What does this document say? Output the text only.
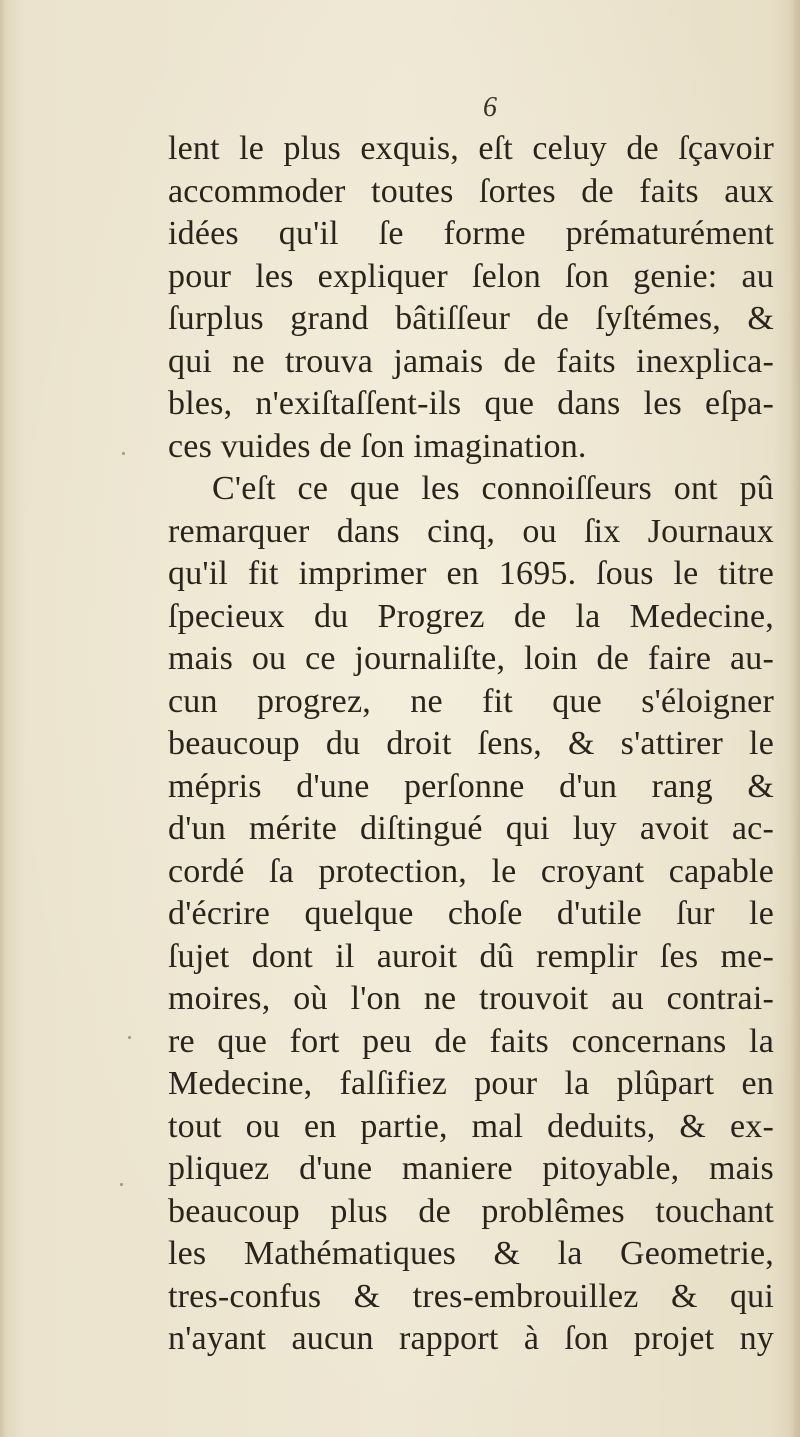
6
lent le plus exquis, eſt celuy de ſçavoir
accommoder toutes ſortes de faits aux
idées qu'il ſe forme prématurément
pour les expliquer ſelon ſon genie: au
ſurplus grand bâtiſſeur de ſyſtémes, &
qui ne trouva jamais de faits inexplica-
bles, n'exiſtaſſent-ils que dans les eſpa-
ces vuides de ſon imagination.
C'eſt ce que les connoiſſeurs ont pû
remarquer dans cinq, ou ſix Journaux
qu'il fit imprimer en 1695. ſous le titre
ſpecieux du Progrez de la Medecine,
mais ou ce journaliſte, loin de faire au-
cun progrez, ne fit que s'éloigner
beaucoup du droit ſens, & s'attirer le
mépris d'une perſonne d'un rang &
d'un mérite diſtingué qui luy avoit ac-
cordé ſa protection, le croyant capable
d'écrire quelque choſe d'utile ſur le
ſujet dont il auroit dû remplir ſes me-
moires, où l'on ne trouvoit au contrai-
re que fort peu de faits concernans la
Medecine, falſifiez pour la plûpart en
tout ou en partie, mal deduits, & ex-
pliquez d'une maniere pitoyable, mais
beaucoup plus de problêmes touchant
les Mathématiques & la Geometrie,
tres-confus & tres-embrouillez & qui
n'ayant aucun rapport à ſon projet ny
